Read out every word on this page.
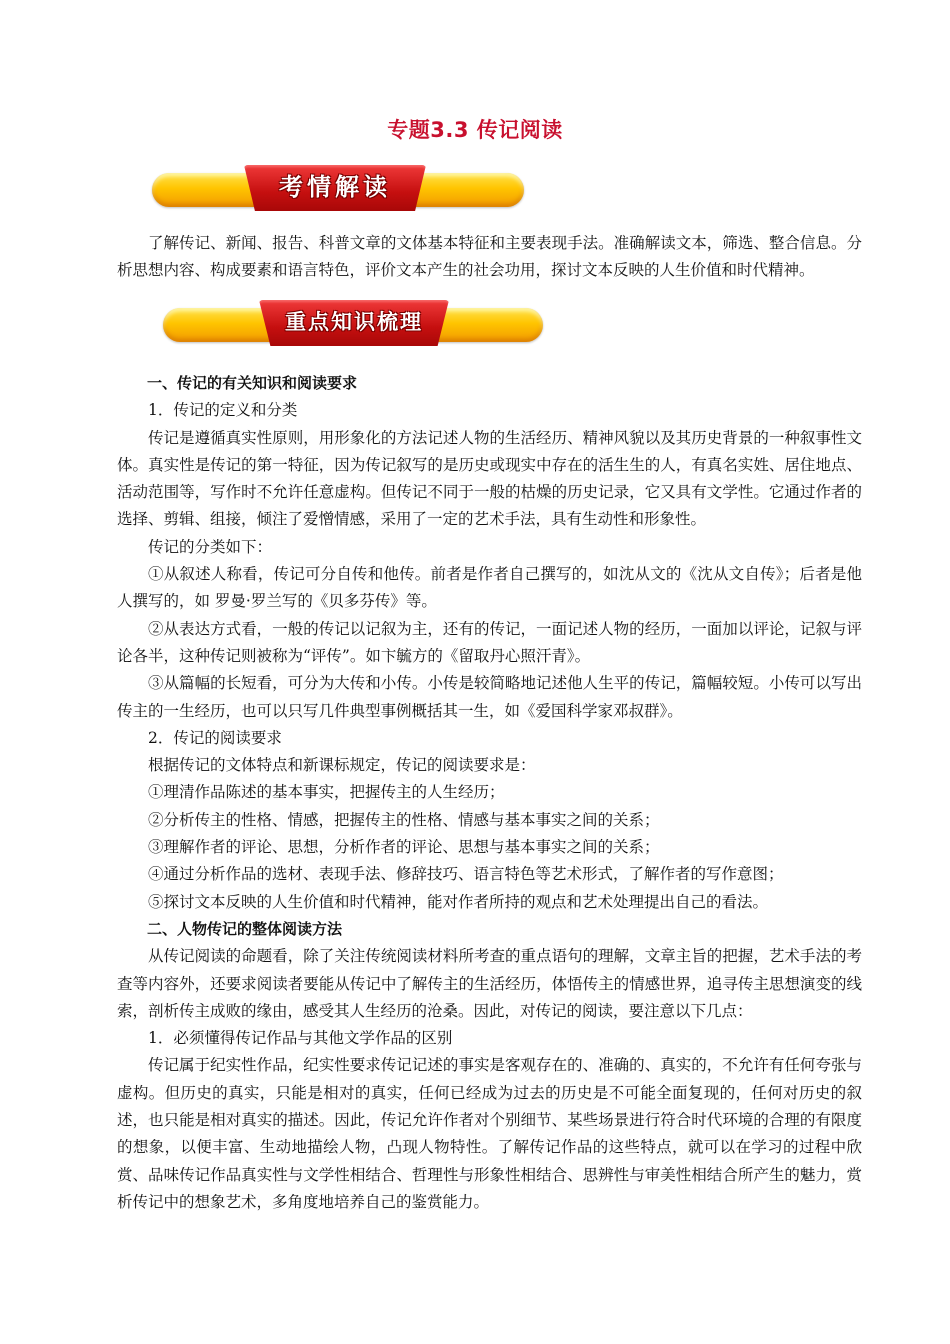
专题3.3 传记阅读
考情解读

了解传记、新闻、报告、科普文章的文体基本特征和主要表现手法。准确解读文本，筛选、整合信息。分析思想内容、构成要素和语言特色，评价文本产生的社会功用，探讨文本反映的人生价值和时代精神。

重点知识梳理

一、传记的有关知识和阅读要求

1．传记的定义和分类

传记是遵循真实性原则，用形象化的方法记述人物的生活经历、精神风貌以及其历史背景的一种叙事性文体。真实性是传记的第一特征，因为传记叙写的是历史或现实中存在的活生生的人，有真名实姓、居住地点、活动范围等，写作时不允许任意虚构。但传记不同于一般的枯燥的历史记录，它又具有文学性。它通过作者的选择、剪辑、组接，倾注了爱憎情感，采用了一定的艺术手法，具有生动性和形象性。

传记的分类如下：

①从叙述人称看，传记可分自传和他传。前者是作者自己撰写的，如沈从文的《沈从文自传》；后者是他人撰写的，如 罗曼·罗兰写的《贝多芬传》等。

②从表达方式看，一般的传记以记叙为主，还有的传记，一面记述人物的经历，一面加以评论，记叙与评论各半，这种传记则被称为“评传”。如卞毓方的《留取丹心照汗青》。

③从篇幅的长短看，可分为大传和小传。小传是较简略地记述他人生平的传记，篇幅较短。小传可以写出传主的一生经历，也可以只写几件典型事例概括其一生，如《爱国科学家邓叔群》。

2．传记的阅读要求

根据传记的文体特点和新课标规定，传记的阅读要求是：

①理清作品陈述的基本事实，把握传主的人生经历；

②分析传主的性格、情感，把握传主的性格、情感与基本事实之间的关系；

③理解作者的评论、思想，分析作者的评论、思想与基本事实之间的关系；

④通过分析作品的选材、表现手法、修辞技巧、语言特色等艺术形式，了解作者的写作意图；

⑤探讨文本反映的人生价值和时代精神，能对作者所持的观点和艺术处理提出自己的看法。

二、人物传记的整体阅读方法

从传记阅读的命题看，除了关注传统阅读材料所考查的重点语句的理解，文章主旨的把握，艺术手法的考查等内容外，还要求阅读者要能从传记中了解传主的生活经历，体悟传主的情感世界，追寻传主思想演变的线索，剖析传主成败的缘由，感受其人生经历的沧桑。因此，对传记的阅读，要注意以下几点：

1．必须懂得传记作品与其他文学作品的区别

传记属于纪实性作品，纪实性要求传记记述的事实是客观存在的、准确的、真实的，不允许有任何夸张与虚构。但历史的真实，只能是相对的真实，任何已经成为过去的历史是不可能全面复现的，任何对历史的叙述，也只能是相对真实的描述。因此，传记允许作者对个别细节、某些场景进行符合时代环境的合理的有限度的想象，以便丰富、生动地描绘人物，凸现人物特性。了解传记作品的这些特点，就可以在学习的过程中欣赏、品味传记作品真实性与文学性相结合、哲理性与形象性相结合、思辨性与审美性相结合所产生的魅力，赏析传记中的想象艺术，多角度地培养自己的鉴赏能力。
